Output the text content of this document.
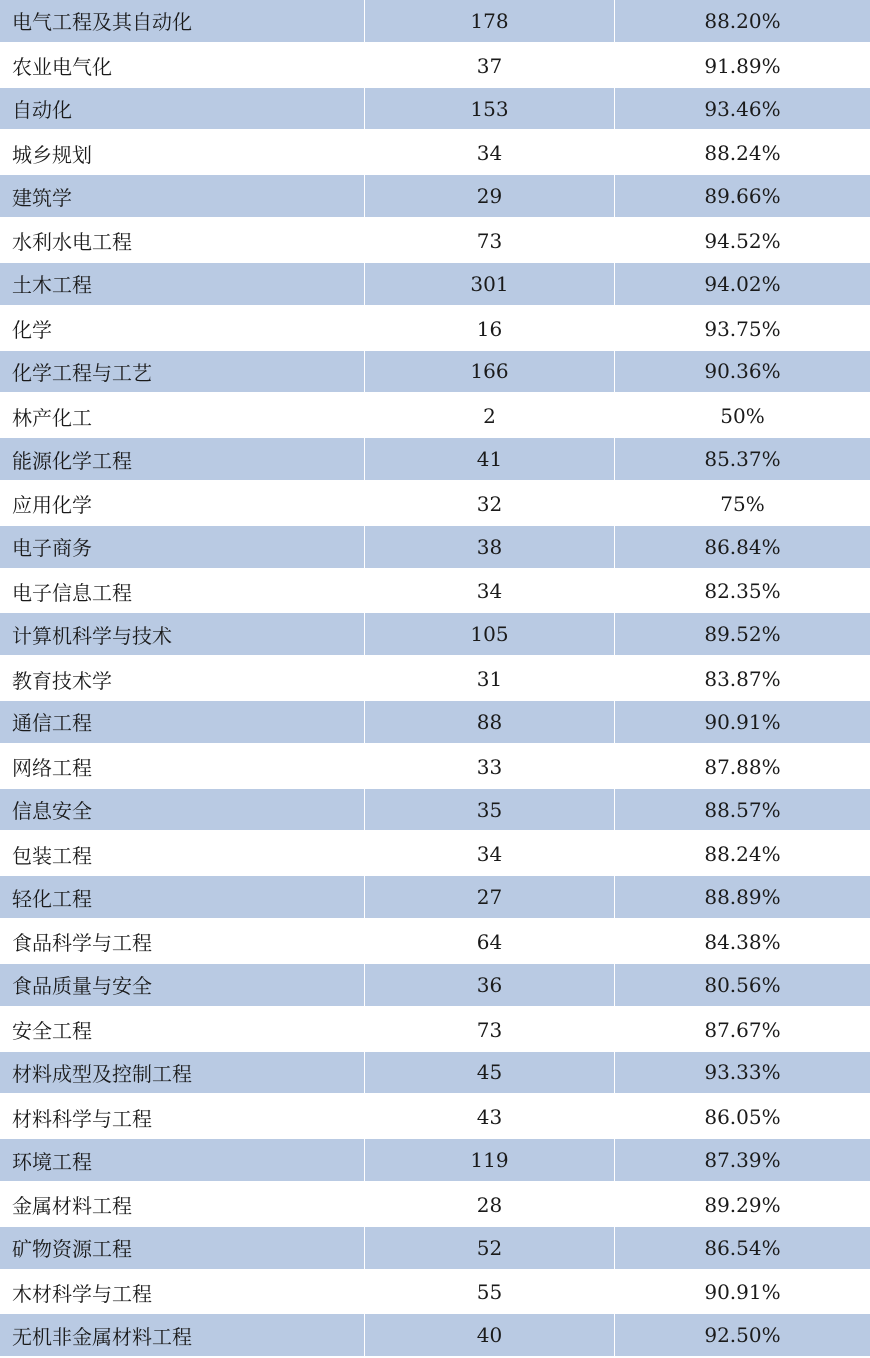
电气工程及其自动化	178	88.20%
农业电气化	37	91.89%
自动化	153	93.46%
城乡规划	34	88.24%
建筑学	29	89.66%
水利水电工程	73	94.52%
土木工程	301	94.02%
化学	16	93.75%
化学工程与工艺	166	90.36%
林产化工	2	50%
能源化学工程	41	85.37%
应用化学	32	75%
电子商务	38	86.84%
电子信息工程	34	82.35%
计算机科学与技术	105	89.52%
教育技术学	31	83.87%
通信工程	88	90.91%
网络工程	33	87.88%
信息安全	35	88.57%
包装工程	34	88.24%
轻化工程	27	88.89%
食品科学与工程	64	84.38%
食品质量与安全	36	80.56%
安全工程	73	87.67%
材料成型及控制工程	45	93.33%
材料科学与工程	43	86.05%
环境工程	119	87.39%
金属材料工程	28	89.29%
矿物资源工程	52	86.54%
木材科学与工程	55	90.91%
无机非金属材料工程	40	92.50%
